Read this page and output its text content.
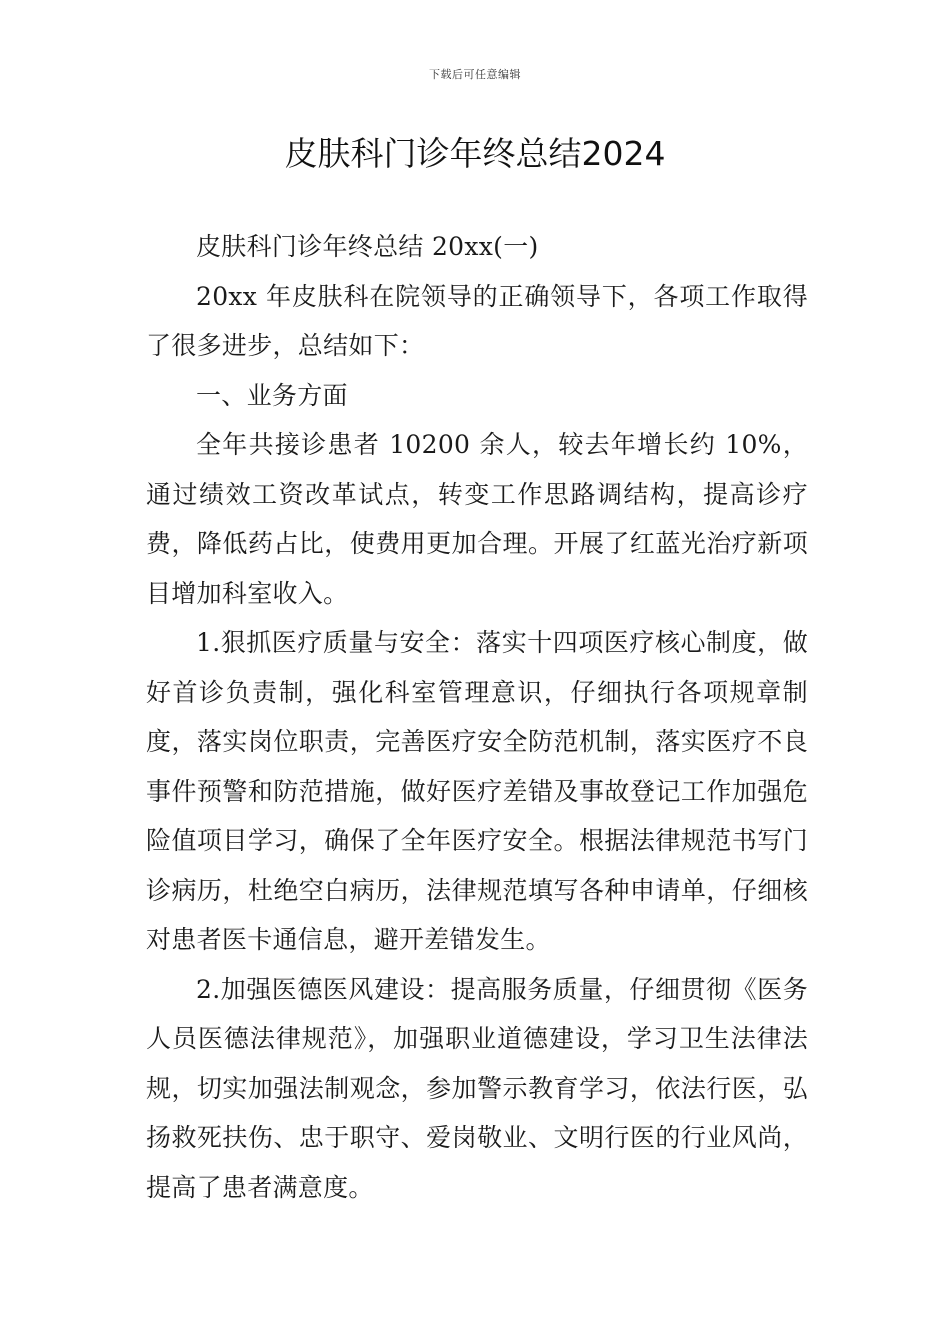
下载后可任意编辑
皮肤科门诊年终总结2024

皮肤科门诊年终总结 20xx(一)

20xx 年皮肤科在院领导的正确领导下，各项工作取得了很多进步，总结如下：

一、业务方面

全年共接诊患者 10200 余人，较去年增长约 10%，通过绩效工资改革试点，转变工作思路调结构，提高诊疗费，降低药占比，使费用更加合理。开展了红蓝光治疗新项目增加科室收入。

1.狠抓医疗质量与安全：落实十四项医疗核心制度，做好首诊负责制，强化科室管理意识，仔细执行各项规章制度，落实岗位职责，完善医疗安全防范机制，落实医疗不良事件预警和防范措施，做好医疗差错及事故登记工作加强危险值项目学习，确保了全年医疗安全。根据法律规范书写门诊病历，杜绝空白病历，法律规范填写各种申请单，仔细核对患者医卡通信息，避开差错发生。

2.加强医德医风建设：提高服务质量，仔细贯彻《医务人员医德法律规范》，加强职业道德建设，学习卫生法律法规，切实加强法制观念，参加警示教育学习，依法行医，弘扬救死扶伤、忠于职守、爱岗敬业、文明行医的行业风尚，提高了患者满意度。
